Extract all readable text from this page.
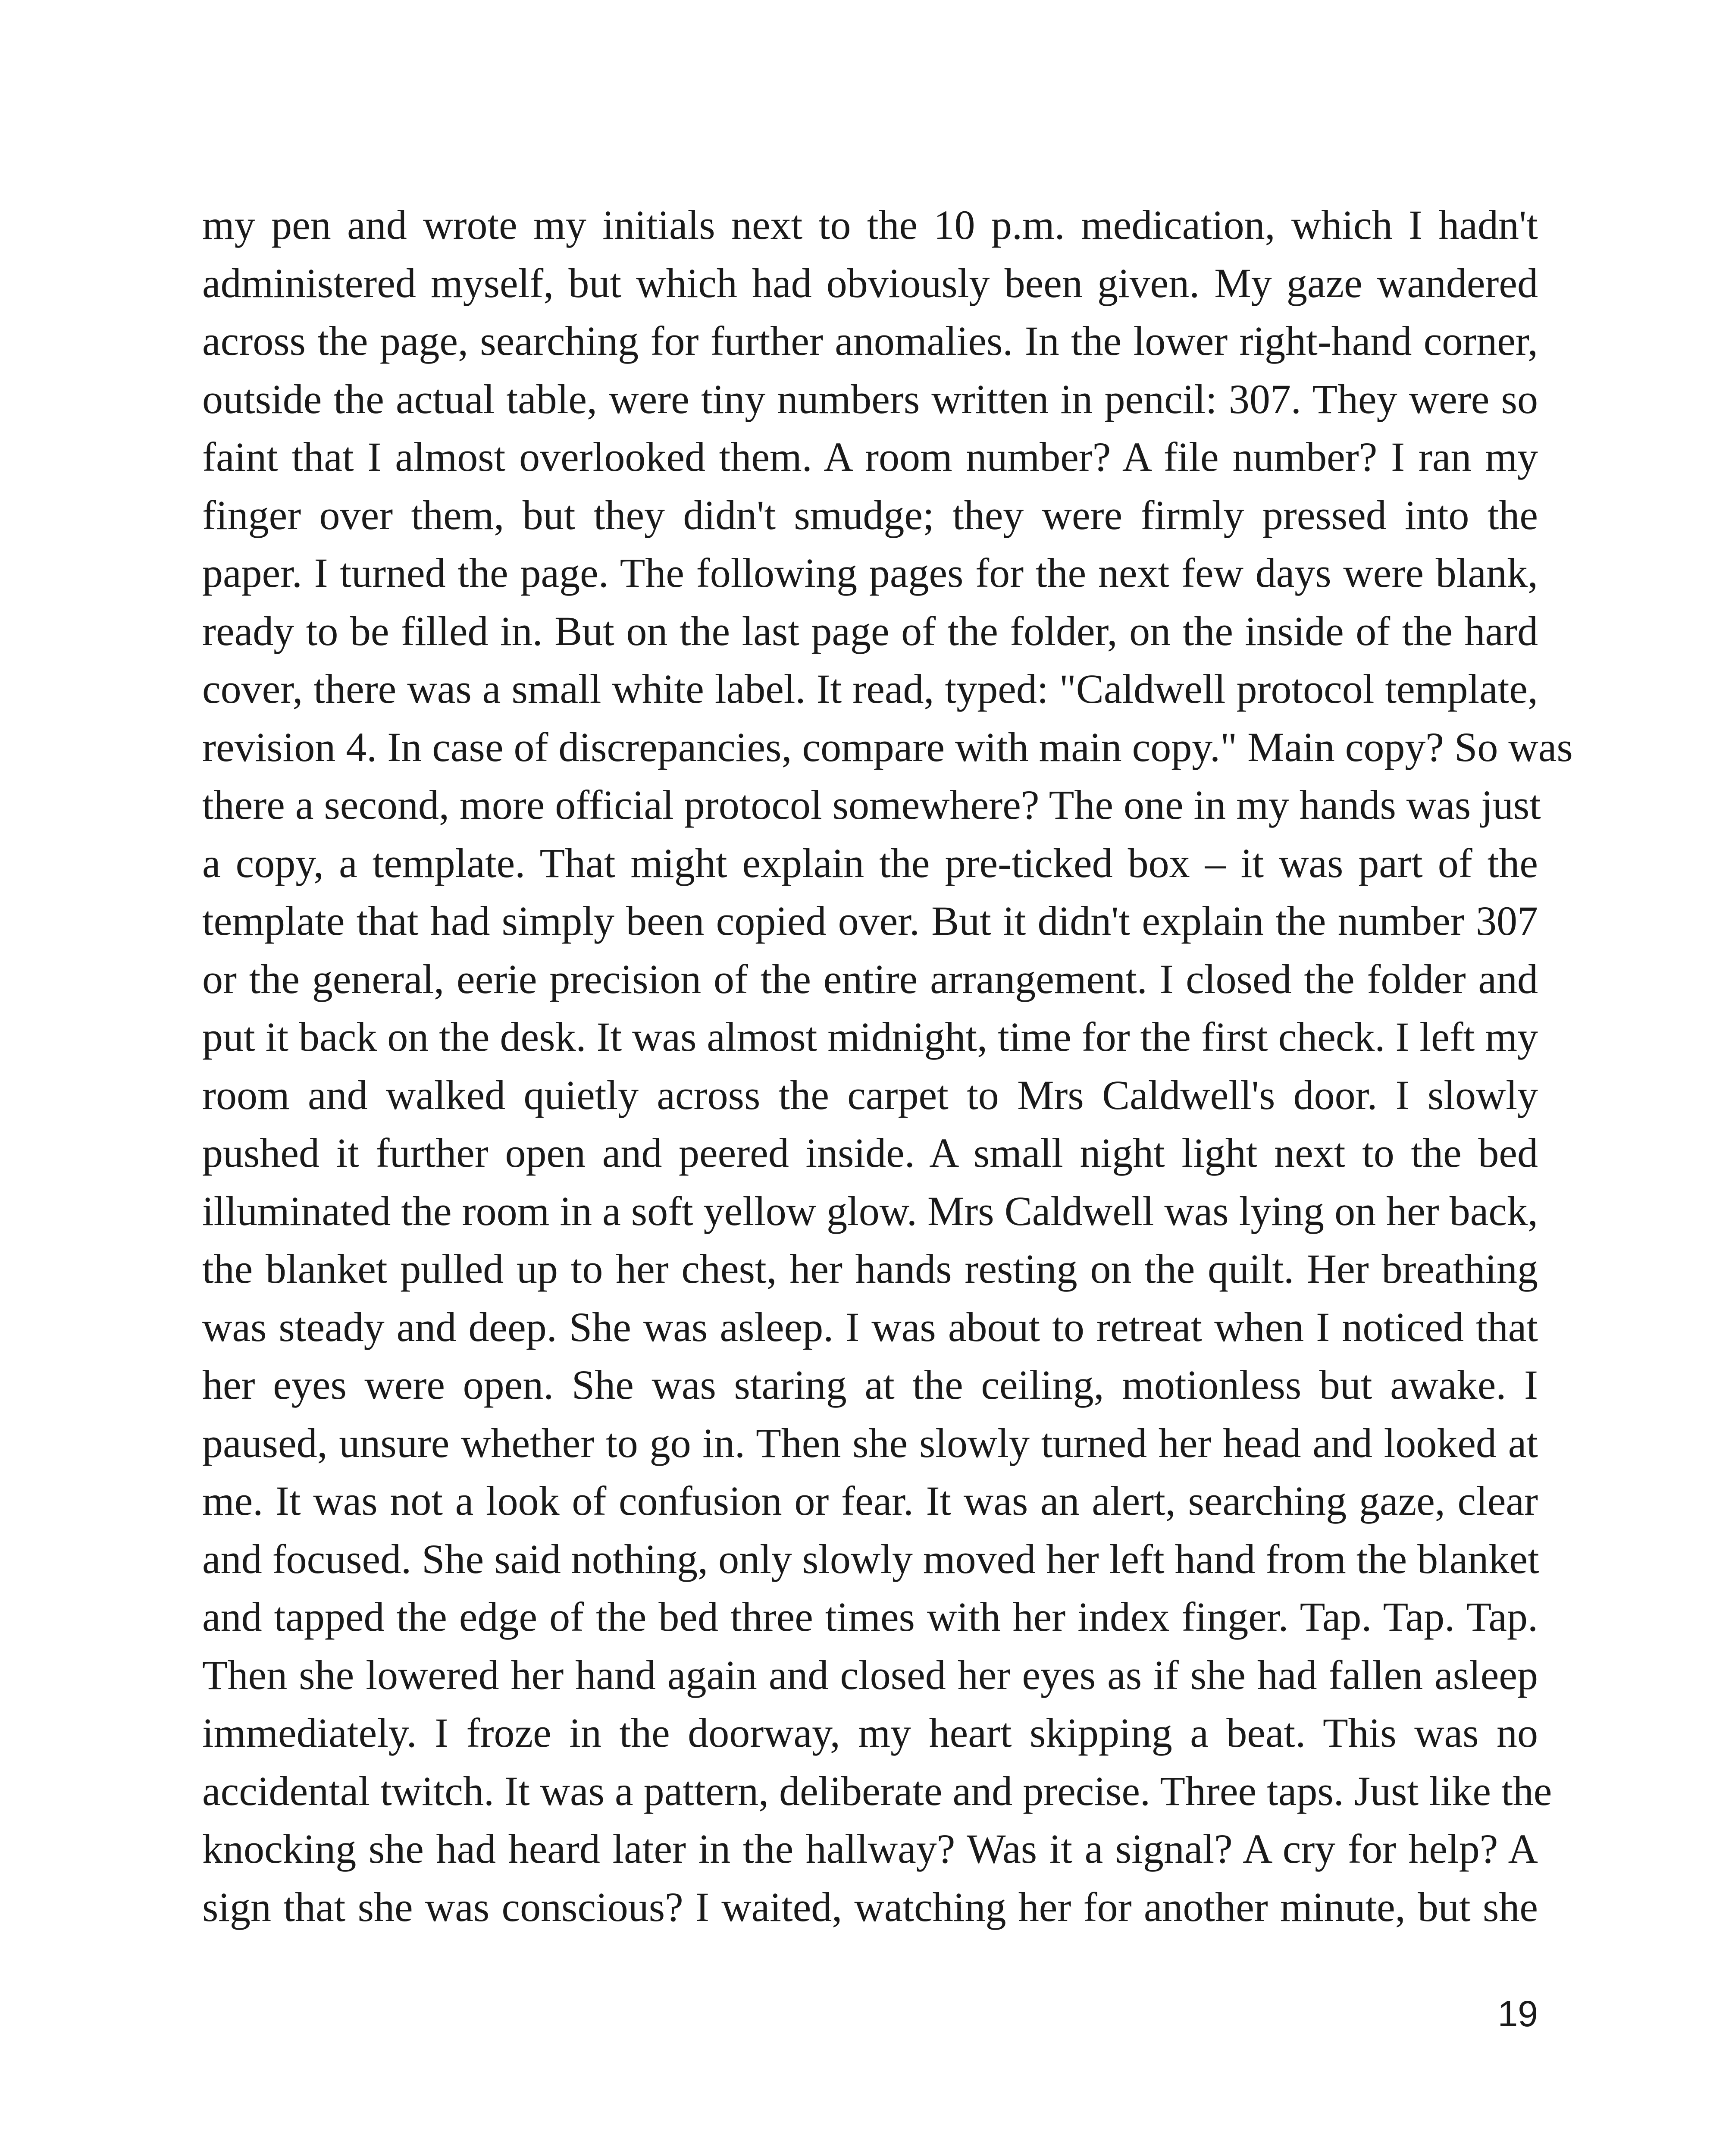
my pen and wrote my initials next to the 10 p.m. medication, which I hadn't
administered myself, but which had obviously been given. My gaze wandered
across the page, searching for further anomalies. In the lower right-hand corner,
outside the actual table, were tiny numbers written in pencil: 307. They were so
faint that I almost overlooked them. A room number? A file number? I ran my
finger over them, but they didn't smudge; they were firmly pressed into the
paper. I turned the page. The following pages for the next few days were blank,
ready to be filled in. But on the last page of the folder, on the inside of the hard
cover, there was a small white label. It read, typed: "Caldwell protocol template,
revision 4. In case of discrepancies, compare with main copy." Main copy? So was
there a second, more official protocol somewhere? The one in my hands was just
a copy, a template. That might explain the pre-ticked box – it was part of the
template that had simply been copied over. But it didn't explain the number 307
or the general, eerie precision of the entire arrangement. I closed the folder and
put it back on the desk. It was almost midnight, time for the first check. I left my
room and walked quietly across the carpet to Mrs Caldwell's door. I slowly
pushed it further open and peered inside. A small night light next to the bed
illuminated the room in a soft yellow glow. Mrs Caldwell was lying on her back,
the blanket pulled up to her chest, her hands resting on the quilt. Her breathing
was steady and deep. She was asleep. I was about to retreat when I noticed that
her eyes were open. She was staring at the ceiling, motionless but awake. I
paused, unsure whether to go in. Then she slowly turned her head and looked at
me. It was not a look of confusion or fear. It was an alert, searching gaze, clear
and focused. She said nothing, only slowly moved her left hand from the blanket
and tapped the edge of the bed three times with her index finger. Tap. Tap. Tap.
Then she lowered her hand again and closed her eyes as if she had fallen asleep
immediately. I froze in the doorway, my heart skipping a beat. This was no
accidental twitch. It was a pattern, deliberate and precise. Three taps. Just like the
knocking she had heard later in the hallway? Was it a signal? A cry for help? A
sign that she was conscious? I waited, watching her for another minute, but she
19
